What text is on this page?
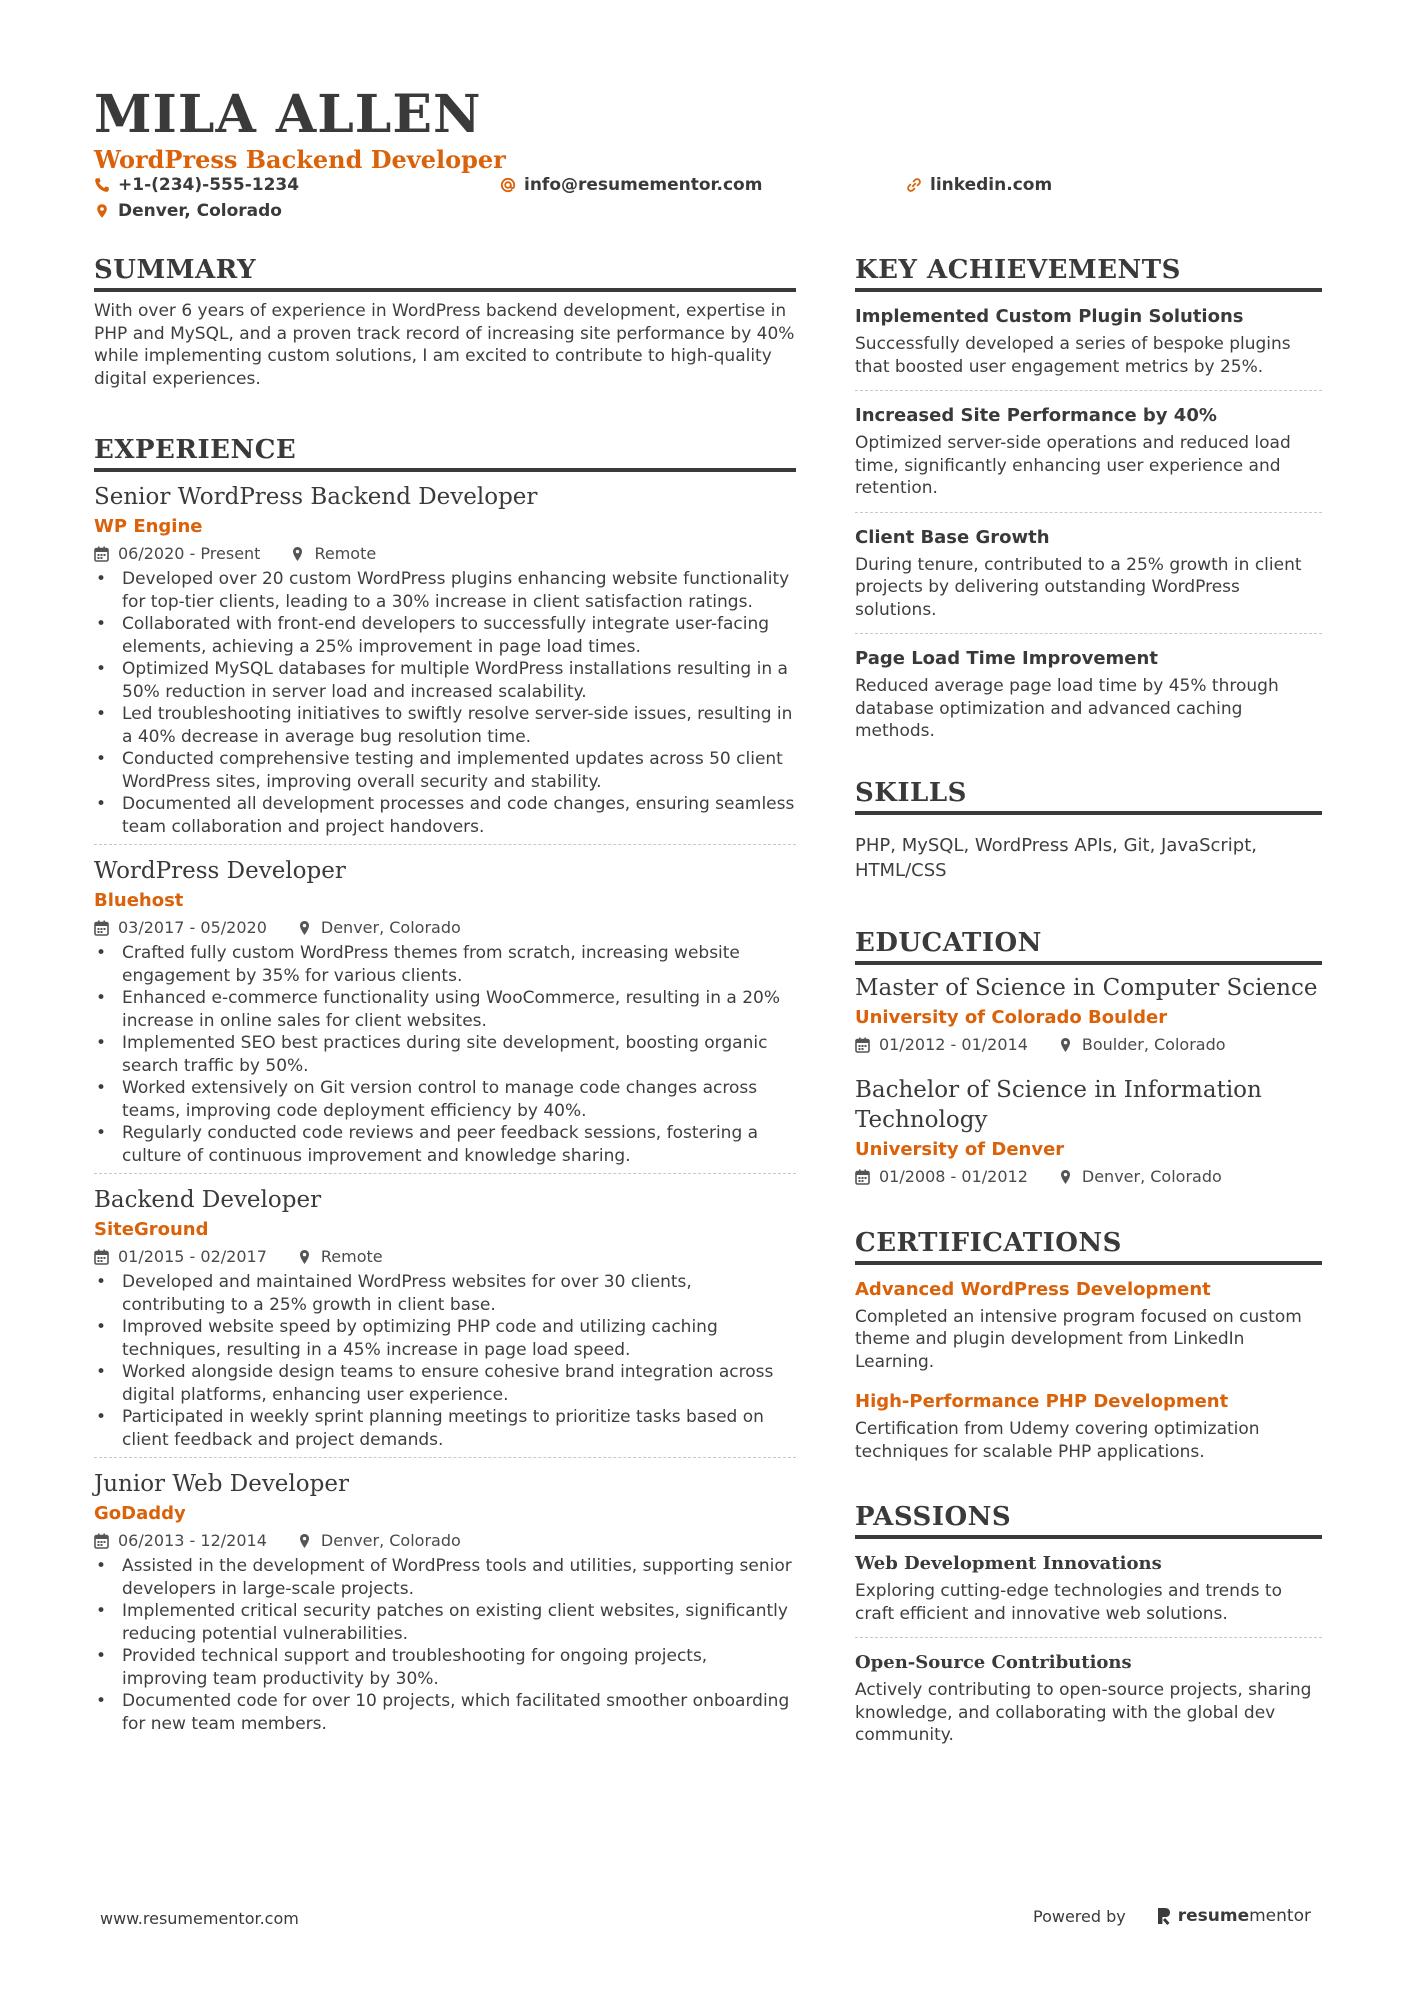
MILA ALLEN
WordPress Backend Developer
+1-(234)-555-1234	info@resumementor.com	linkedin.com
Denver, Colorado
SUMMARY
With over 6 years of experience in WordPress backend development, expertise in PHP and MySQL, and a proven track record of increasing site performance by 40% while implementing custom solutions, I am excited to contribute to high-quality digital experiences.
EXPERIENCE
Senior WordPress Backend Developer
WP Engine
06/2020 - Present	Remote
• Developed over 20 custom WordPress plugins enhancing website functionality for top-tier clients, leading to a 30% increase in client satisfaction ratings.
• Collaborated with front-end developers to successfully integrate user-facing elements, achieving a 25% improvement in page load times.
• Optimized MySQL databases for multiple WordPress installations resulting in a 50% reduction in server load and increased scalability.
• Led troubleshooting initiatives to swiftly resolve server-side issues, resulting in a 40% decrease in average bug resolution time.
• Conducted comprehensive testing and implemented updates across 50 client WordPress sites, improving overall security and stability.
• Documented all development processes and code changes, ensuring seamless team collaboration and project handovers.
WordPress Developer
Bluehost
03/2017 - 05/2020	Denver, Colorado
• Crafted fully custom WordPress themes from scratch, increasing website engagement by 35% for various clients.
• Enhanced e-commerce functionality using WooCommerce, resulting in a 20% increase in online sales for client websites.
• Implemented SEO best practices during site development, boosting organic search traffic by 50%.
• Worked extensively on Git version control to manage code changes across teams, improving code deployment efficiency by 40%.
• Regularly conducted code reviews and peer feedback sessions, fostering a culture of continuous improvement and knowledge sharing.
Backend Developer
SiteGround
01/2015 - 02/2017	Remote
• Developed and maintained WordPress websites for over 30 clients, contributing to a 25% growth in client base.
• Improved website speed by optimizing PHP code and utilizing caching techniques, resulting in a 45% increase in page load speed.
• Worked alongside design teams to ensure cohesive brand integration across digital platforms, enhancing user experience.
• Participated in weekly sprint planning meetings to prioritize tasks based on client feedback and project demands.
Junior Web Developer
GoDaddy
06/2013 - 12/2014	Denver, Colorado
• Assisted in the development of WordPress tools and utilities, supporting senior developers in large-scale projects.
• Implemented critical security patches on existing client websites, significantly reducing potential vulnerabilities.
• Provided technical support and troubleshooting for ongoing projects, improving team productivity by 30%.
• Documented code for over 10 projects, which facilitated smoother onboarding for new team members.
KEY ACHIEVEMENTS
Implemented Custom Plugin Solutions
Successfully developed a series of bespoke plugins that boosted user engagement metrics by 25%.
Increased Site Performance by 40%
Optimized server-side operations and reduced load time, significantly enhancing user experience and retention.
Client Base Growth
During tenure, contributed to a 25% growth in client projects by delivering outstanding WordPress solutions.
Page Load Time Improvement
Reduced average page load time by 45% through database optimization and advanced caching methods.
SKILLS
PHP, MySQL, WordPress APIs, Git, JavaScript, HTML/CSS
EDUCATION
Master of Science in Computer Science
University of Colorado Boulder
01/2012 - 01/2014	Boulder, Colorado
Bachelor of Science in Information Technology
University of Denver
01/2008 - 01/2012	Denver, Colorado
CERTIFICATIONS
Advanced WordPress Development
Completed an intensive program focused on custom theme and plugin development from LinkedIn Learning.
High-Performance PHP Development
Certification from Udemy covering optimization techniques for scalable PHP applications.
PASSIONS
Web Development Innovations
Exploring cutting-edge technologies and trends to craft efficient and innovative web solutions.
Open-Source Contributions
Actively contributing to open-source projects, sharing knowledge, and collaborating with the global dev community.
www.resumementor.com	Powered by	resumementor
